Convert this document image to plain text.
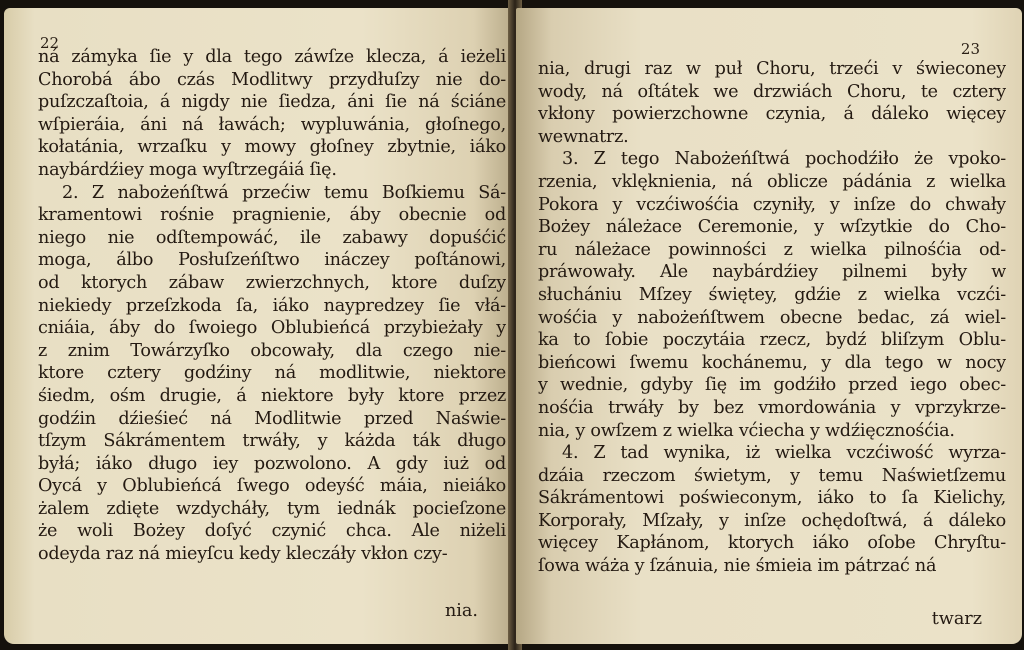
22
ná zámyka ſie y dla tego záwſze klecza, á ieżeli
Chorobá ábo czás Modlitwy przydłuſzy nie do-
puſzczaſtoia, á nigdy nie ſiedza, áni ſie ná ściáne
wſpieráia, áni ná ławách; wypluwánia, głoſnego,
kołatánia, wrzaſku y mowy głoſney zbytnie, iáko
naybárdźiey moga wyſtrzegáiá ſię.
2. Z nabożeńſtwá przećiw temu Boſkiemu Sá-
kramentowi rośnie pragnienie, áby obecnie od
niego nie odſtempowáć, ile zabawy dopuśćić
moga, álbo Posłuſzeńſtwo ináczey poſtánowi,
od ktorych zábaw zwierzchnych, ktore duſzy
niekiedy przeſzkoda ſa, iáko naypredzey ſie vłá-
cniáia, áby do ſwoiego Oblubieńcá przybieżały y
z znim Towárzyſko obcowały, dla czego nie-
ktore cztery godźiny ná modlitwie, niektore
śiedm, ośm drugie, á niektore były ktore przez
godźin dźieśieć ná Modlitwie przed Naświe-
tſzym Sákrámentem trwáły, y káżda ták długo
byłá; iáko długo iey pozwolono. A gdy iuż od
Oycá y Oblubieńcá ſwego odeyść máia, nieiáko
żalem zdięte wzdycháły, tym iednák pocieſzone
że woli Bożey doſyć czynić chca. Ale niżeli
odeyda raz ná mieyſcu kedy kleczáły vkłon czy-
nia.
23
nia, drugi raz w puł Choru, trzeći v świeconey
wody, ná oſtátek we drzwiách Choru, te cztery
vkłony powierzchowne czynia, á dáleko więcey
wewnatrz.
3. Z tego Nabożeńſtwá pochodźiło że vpoko-
rzenia, vklęknienia, ná oblicze pádánia z wielka
Pokora y vczćiwośćia czyniły, y inſze do chwały
Bożey náleżace Ceremonie, y wſzytkie do Cho-
ru náleżace powinności z wielka pilnośćia od-
práwowały. Ale naybárdźiey pilnemi były w
słuchániu Mſzey świętey, gdźie z wielka vczći-
wośćia y nabożeńſtwem obecne bedac, zá wiel-
ka to ſobie poczytáia rzecz, bydź bliſzym Oblu-
bieńcowi ſwemu kochánemu, y dla tego w nocy
y wednie, gdyby ſię im godźiło przed iego obec-
nośćia trwáły by bez vmordowánia y vprzykrze-
nia, y owſzem z wielka vćiecha y wdźięcznośćia.
4. Z tad wynika, iż wielka vczćiwość wyrza-
dzáia rzeczom świetym, y temu Naświetſzemu
Sákrámentowi poświeconym, iáko to ſa Kielichy,
Korporały, Mſzały, y inſze ochędoſtwá, á dáleko
więcey Kapłánom, ktorych iáko oſobe Chryſtu-
ſowa wáża y ſzánuia, nie śmieia im pátrzać ná
twarz
